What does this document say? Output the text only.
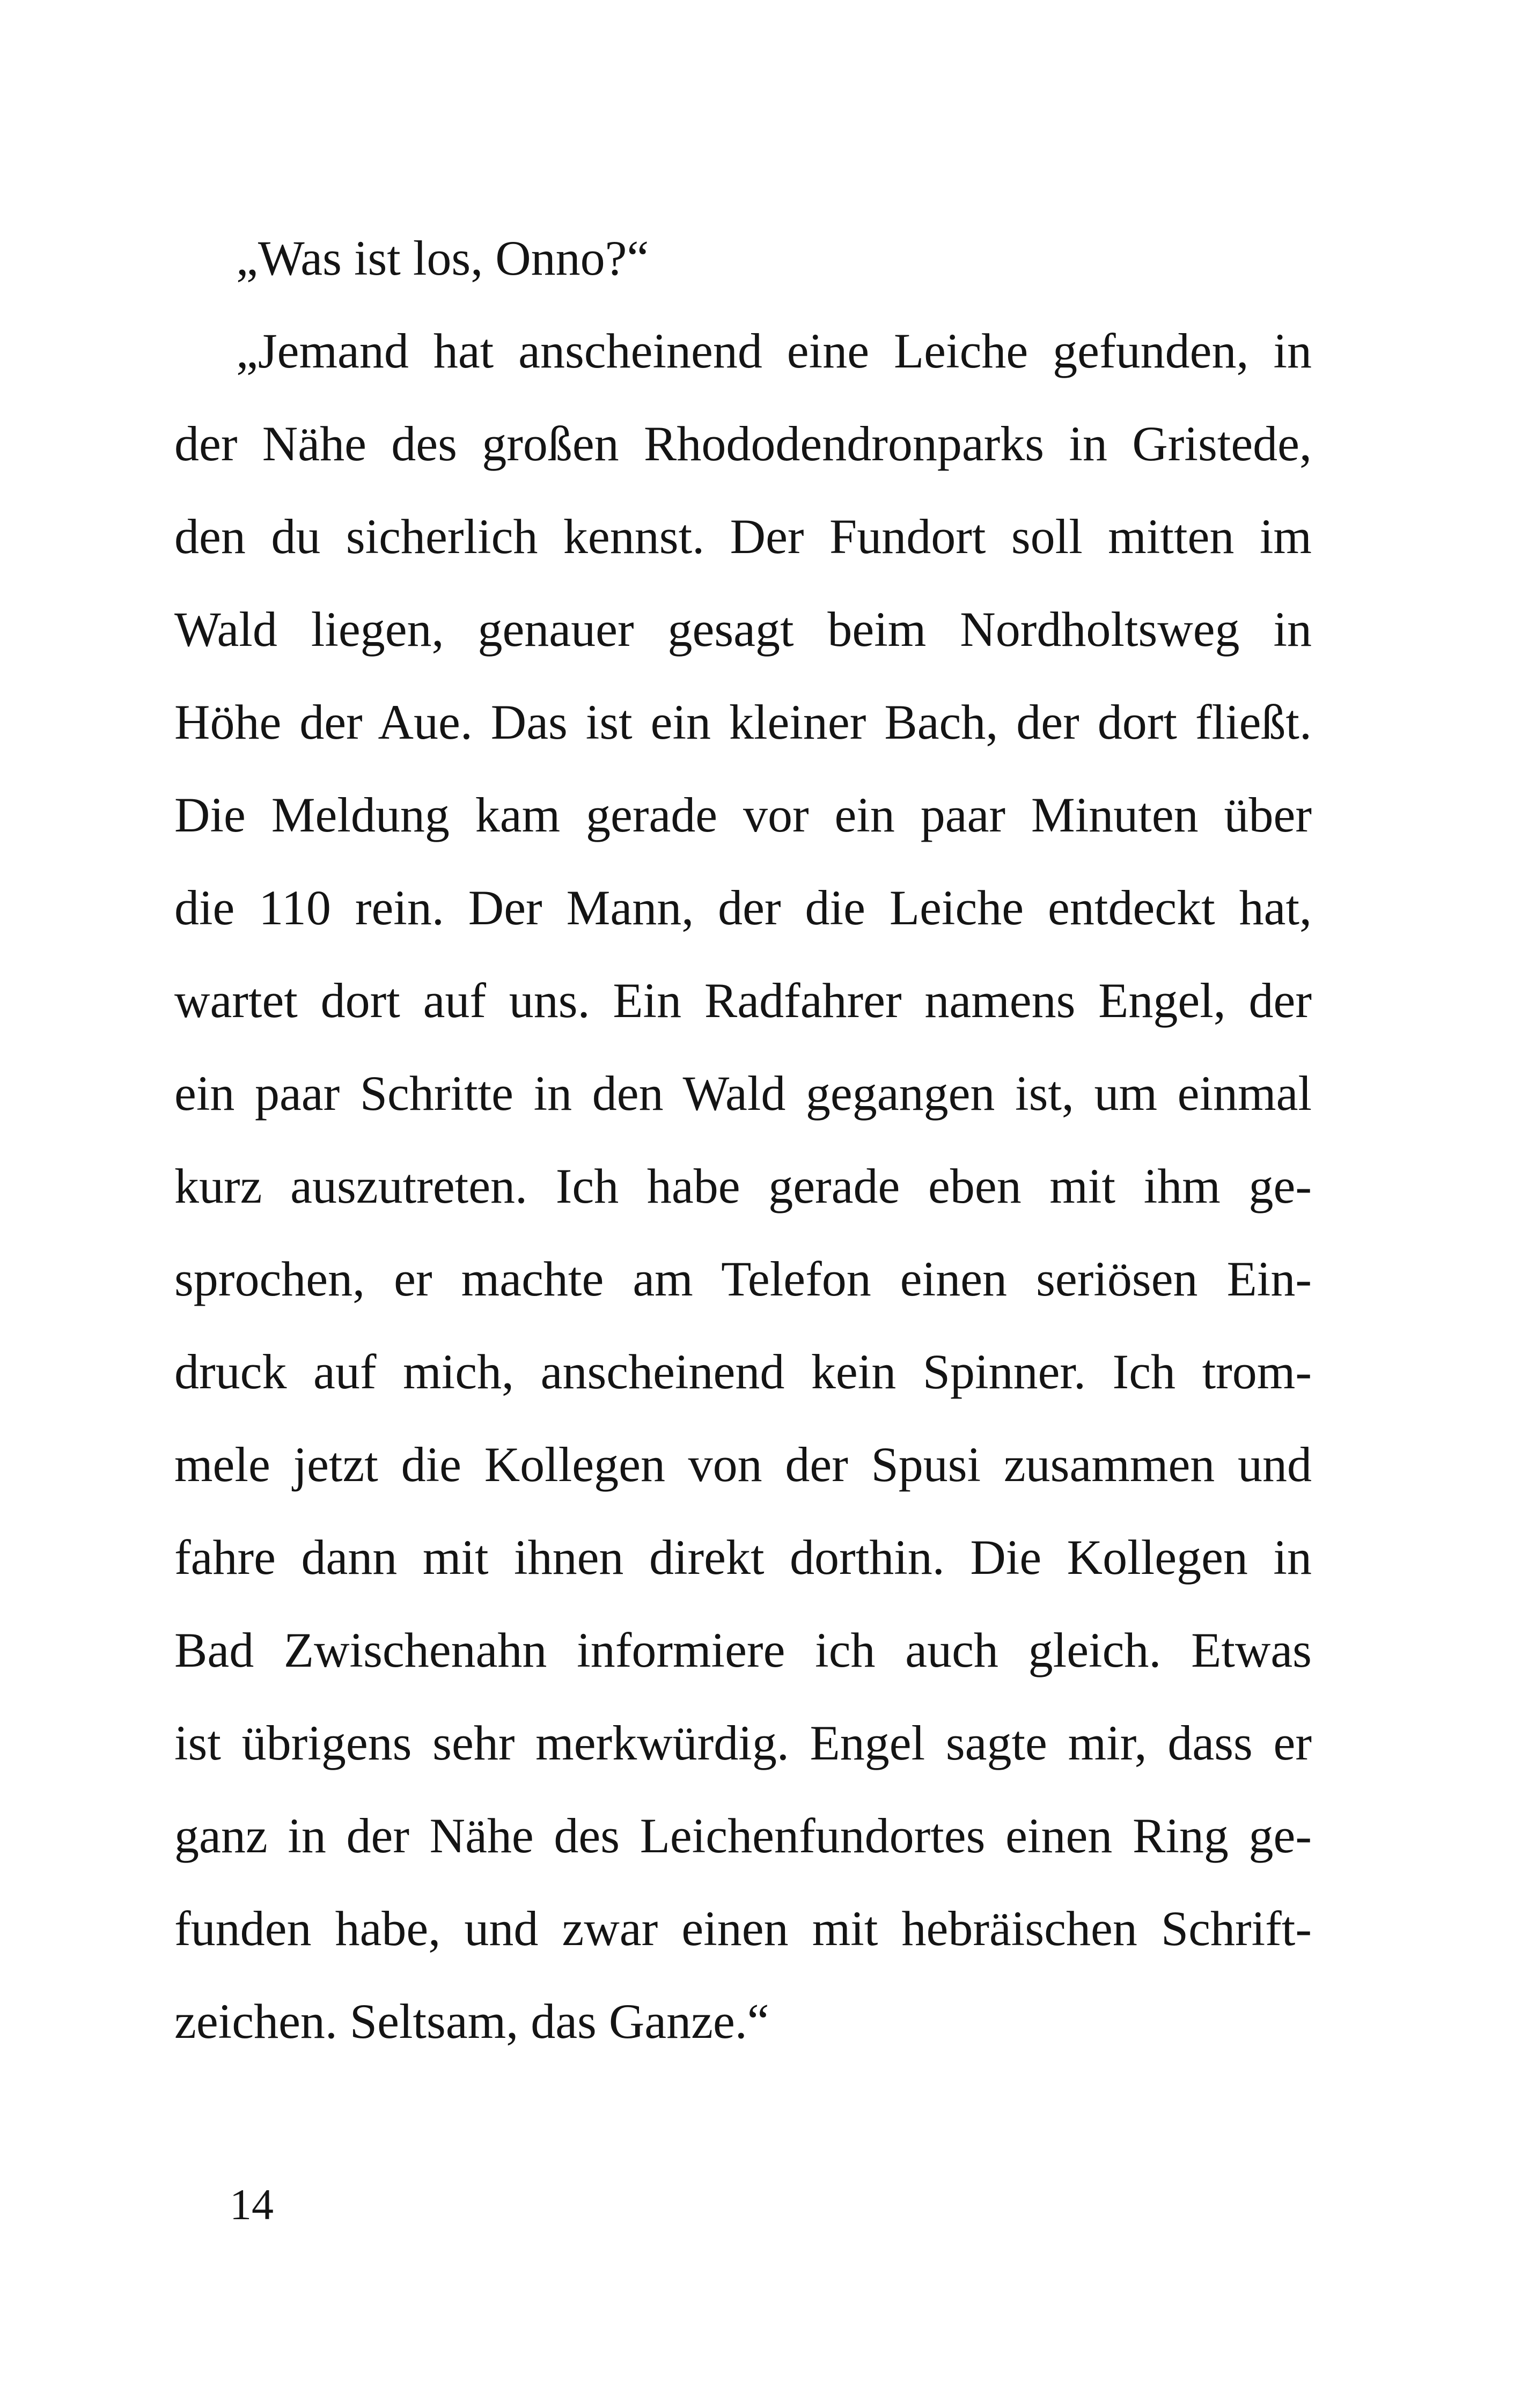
„Was ist los, Onno?“
„Jemand hat anscheinend eine Leiche gefunden, in
der Nähe des großen Rhododendronparks in Gristede,
den du sicherlich kennst. Der Fundort soll mitten im
Wald liegen, genauer gesagt beim Nordholtsweg in
Höhe der Aue. Das ist ein kleiner Bach, der dort fließt.
Die Meldung kam gerade vor ein paar Minuten über
die 110 rein. Der Mann, der die Leiche entdeckt hat,
wartet dort auf uns. Ein Radfahrer namens Engel, der
ein paar Schritte in den Wald gegangen ist, um einmal
kurz auszutreten. Ich habe gerade eben mit ihm ge-
sprochen, er machte am Telefon einen seriösen Ein-
druck auf mich, anscheinend kein Spinner. Ich trom-
mele jetzt die Kollegen von der Spusi zusammen und
fahre dann mit ihnen direkt dorthin. Die Kollegen in
Bad Zwischenahn informiere ich auch gleich. Etwas
ist übrigens sehr merkwürdig. Engel sagte mir, dass er
ganz in der Nähe des Leichenfundortes einen Ring ge-
funden habe, und zwar einen mit hebräischen Schrift-
zeichen. Seltsam, das Ganze.“
14
